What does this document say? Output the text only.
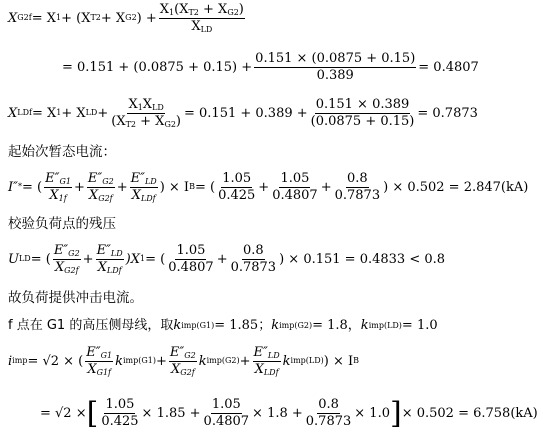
X G2f = X 1 + (X T2 + X G2 ) + $\frac{X_1(X_{T2} + X_{G2})}{X_{LD}}$
= $0.151 + (0.0875 + 0.15) + \frac{0.151 \times (0.0875 + 0.15)}{0.389} = 0.4807$
X LDf = X 1 + X LD + $\frac{X_1X_{LD}}{(X_{T2} + X_{G2})} = 0.151 + 0.389 + \frac{0.151 \times 0.389}{(0.0875 + 0.15)} = 0.7873$
起始次暂态电流：
I″ * = ( $\frac{E''_{G1}}{X_{1f}} + \frac{E''_{G2}}{X_{G2f}} + \frac{E''_{LD}}{X_{LDf}}$ ) × I B = ( $\frac{1.05}{0.425} + \frac{1.05}{0.4807} + \frac{0.8}{0.7873}$ ) × 0.502 = 2.847(kA)
校验负荷点的残压
U LD = ( $\frac{E''_{G2}}{X_{G2f}} + \frac{E''_{LD}}{X_{LDf}} )X$ 1 = ( $\frac{1.05}{0.4807} + \frac{0.8}{0.7873}$ ) × 0.151 = 0.4833 < 0.8
故负荷提供冲击电流。
f 点在 G1 的高压侧母线，取 k imp(G1) = 1.85； k imp(G2) = 1.8， k imp(LD) = 1.0
i imp = √2 × ( $\frac{E''_{G1}}{X_{G1f}}$ k $imp(G1) + \frac{E''_{G2}}{X_{G2f}}$ k $imp(G2) + \frac{E''_{LD}}{X_{LDf}}$ k imp(LD) ) × I B
= √2 × [ $\frac{1.05}{0.425} \times 1.85 + \frac{1.05}{0.4807} \times 1.8 + \frac{0.8}{0.7873} \times 1.0$ ] × 0.502 = 6.758(kA)
